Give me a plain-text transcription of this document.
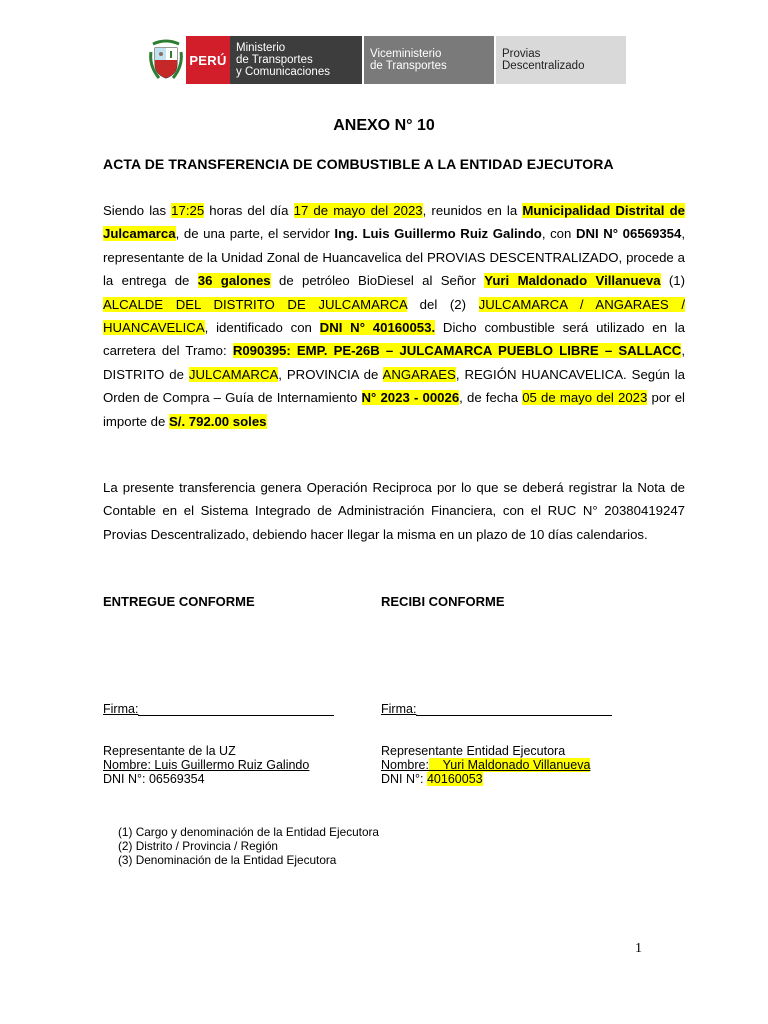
PERÚ
Ministerio
de Transportes
y Comunicaciones
Viceministerio
de Transportes
Provias
Descentralizado
ANEXO N° 10
ACTA DE TRANSFERENCIA DE COMBUSTIBLE A LA ENTIDAD EJECUTORA
Siendo las 17:25 horas del día 17 de mayo del 2023, reunidos en la Municipalidad Distrital de Julcamarca, de una parte, el servidor Ing. Luis Guillermo Ruiz Galindo, con DNI N° 06569354, representante de la Unidad Zonal de Huancavelica del PROVIAS DESCENTRALIZADO, procede a la entrega de 36 galones de petróleo BioDiesel al Señor Yuri Maldonado Villanueva (1) ALCALDE DEL DISTRITO DE JULCAMARCA del (2) JULCAMARCA / ANGARAES / HUANCAVELICA, identificado con DNI N° 40160053. Dicho combustible será utilizado en la carretera del Tramo: R090395: EMP. PE-26B – JULCAMARCA PUEBLO LIBRE – SALLACC, DISTRITO de JULCAMARCA, PROVINCIA de ANGARAES, REGIÓN HUANCAVELICA. Según la Orden de Compra – Guía de Internamiento N° 2023 - 00026, de fecha 05 de mayo del 2023 por el importe de S/. 792.00 soles
La presente transferencia genera Operación Reciproca por lo que se deberá registrar la Nota de Contable en el Sistema Integrado de Administración Financiera, con el RUC N° 20380419247 Provias Descentralizado, debiendo hacer llegar la misma en un plazo de 10 días calendarios.
ENTREGUE CONFORME	RECIBI CONFORME
Firma:
Representante de la UZ
Nombre: Luis Guillermo Ruiz Galindo
DNI N°: 06569354
Firma:
Representante Entidad Ejecutora
Nombre:    Yuri Maldonado Villanueva
DNI N°: 40160053
(1) Cargo y denominación de la Entidad Ejecutora
(2) Distrito / Provincia / Región
(3) Denominación de la Entidad Ejecutora
1
